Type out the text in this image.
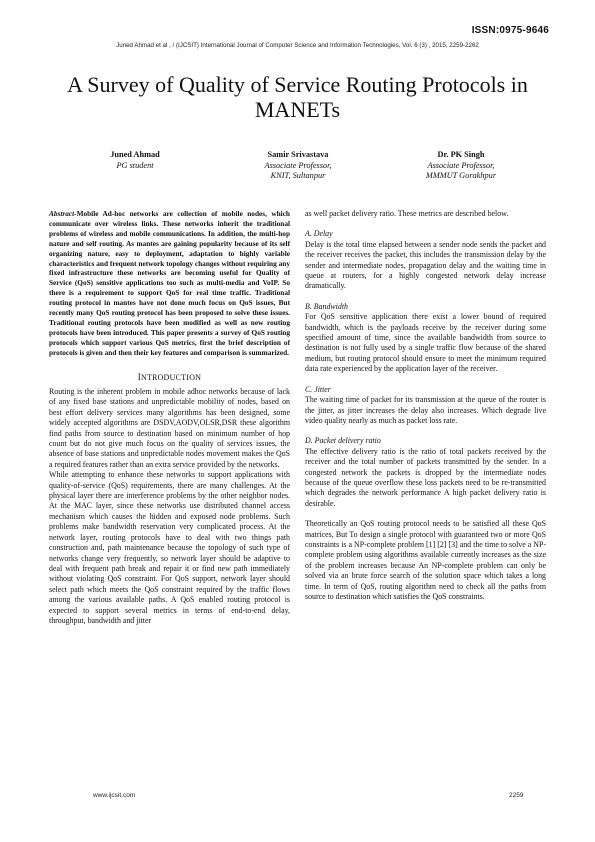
ISSN:0975-9646
Juned Ahmad et al , / (IJCSIT) International Journal of Computer Science and Information Technologies, Vol. 6 (3) , 2015, 2259-2262
A Survey of Quality of Service Routing Protocols in MANETs
Juned Ahmad
PG student
Samir Srivastava
Associate Professor,
KNIT, Sultanpur
Dr. PK Singh
Associate Professor,
MMMUT Gorakhpur

Abstract-Mobile Ad-hoc networks are collection of mobile nodes, which communicate over wireless links. These networks inherit the traditional problems of wireless and mobile communications. In addition, the multi-hop nature and self routing. As mantes are gaining popularity because of its self organizing nature, easy to deployment, adaptation to highly variable characteristics and frequent network topology changes without requiring any fixed infrastructure these networks are becoming useful for Quality of Service (QoS) sensitive applications too such as multi-media and VoIP. So there is a requirement to support QoS for real time traffic. Traditional routing protocol in mantes have not done much focus on QoS issues, But recently many QoS routing protocol has been proposed to solve these issues. Traditional routing protocols have been modified as well as new routing protocols have been introduced. This paper presents a survey of QoS routing protocols which support various QoS metrics, first the brief description of protocols is given and then their key features and comparison is summarized.

INTRODUCTION

Routing is the inherent problem in mobile adhoc networks because of lack of any fixed base stations and unpredictable mobility of nodes, based on best effort delivery services many algorithms has been designed, some widely accepted algorithms are DSDV,AODV,OLSR,DSR these algorithm find paths from source to destination based on minimum number of hop count but do not give much focus on the quality of services issues, the absence of base stations and unpredictable nodes movement makes the QoS a required features rather than an extra service provided by the networks.

While attempting to enhance these networks to support applications with quality-of-service (QoS) requirements, there are many challenges. At the physical layer there are interference problems by the other neighbor nodes. At the MAC layer, since these networks use distributed channel access mechanism which causes the hidden and exposed node problems. Such problems make bandwidth reservation very complicated process. At the network layer, routing protocols have to deal with two things path construction and, path maintenance because the topology of such type of networks change very frequently, so network layer should be adaptive to deal with frequent path break and repair it or find new path immediately without violating QoS constraint. For QoS support, network layer should select path which meets the QoS constraint required by the traffic flows among the various available paths. A QoS enabled routing protocol is expected to support several metrics in terms of end-to-end delay, throughput, bandwidth and jitter

as well packet delivery ratio. These metrics are described below.

A. Delay

Delay is the total time elapsed between a sender node sends the packet and the receiver receives the packet, this includes the transmission delay by the sender and intermediate nodes, propagation delay and the waiting time in queue at routers, for a highly congested network delay increase dramatically.

B. Bandwidth

For QoS sensitive application there exist a lower bound of required bandwidth, which is the payloads receive by the receiver during some specified amount of time, since the available bandwidth from source to destination is not fully used by a single traffic flow because of the shared medium, but routing protocol should ensure to meet the minimum required data rate experienced by the application layer of the receiver.

C. Jitter

The waiting time of packet for its transmission at the queue of the router is the jitter, as jitter increases the delay also increases. Which degrade live video quality nearly as much as packet loss rate.

D. Packet delivery ratio

The effective delivery ratio is the ratio of total packets received by the receiver and the total number of packets transmitted by the sender. In a congested network the packets is dropped by the intermediate nodes because of the queue overflow these loss packets need to be re-transmitted which degrades the network performance A high packet delivery ratio is desirable.

Theoretically an QoS routing protocol needs to be satisfied all these QoS matrices, But To design a single protocol with guaranteed two or more QoS constraints is a NP-complete problem [1] [2] [3] and the time to solve a NP-complete problem using algorithms available currently increases as the size of the problem increases because An NP-complete problem can only be solved via an brute force search of the solution space which takes a long time. In term of QoS, routing algorithm need to check all the paths from source to destination which satisfies the QoS constraints.

www.ijcsit.com	2259
